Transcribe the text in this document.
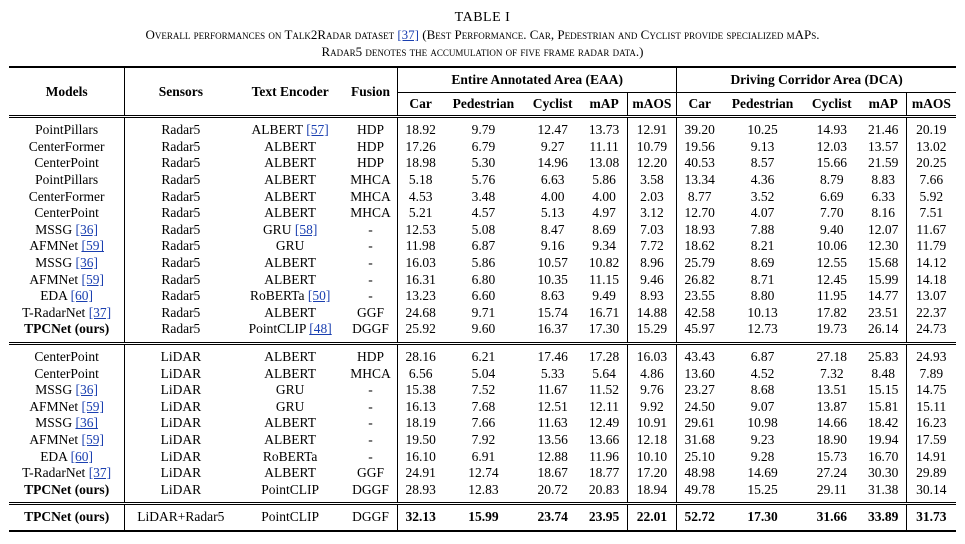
TABLE I
Overall performances on Talk2Radar dataset [37] (Best Performance. Car, Pedestrian and Cyclist provide specialized mAPs.
Radar5 denotes the accumulation of five frame radar data.)
Models	Sensors	Text Encoder	Fusion	Entire Annotated Area (EAA)					Driving Corridor Area (DCA)				
				Car	Pedestrian	Cyclist	mAP	mAOS	Car	Pedestrian	Cyclist	mAP	mAOS

PointPillars	Radar5	ALBERT [57]	HDP	18.92	9.79	12.47	13.73	12.91	39.20	10.25	14.93	21.46	20.19
CenterFormer	Radar5	ALBERT	HDP	17.26	6.79	9.27	11.11	10.79	19.56	9.13	12.03	13.57	13.02
CenterPoint	Radar5	ALBERT	HDP	18.98	5.30	14.96	13.08	12.20	40.53	8.57	15.66	21.59	20.25
PointPillars	Radar5	ALBERT	MHCA	5.18	5.76	6.63	5.86	3.58	13.34	4.36	8.79	8.83	7.66
CenterFormer	Radar5	ALBERT	MHCA	4.53	3.48	4.00	4.00	2.03	8.77	3.52	6.69	6.33	5.92
CenterPoint	Radar5	ALBERT	MHCA	5.21	4.57	5.13	4.97	3.12	12.70	4.07	7.70	8.16	7.51
MSSG [36]	Radar5	GRU [58]	-	12.53	5.08	8.47	8.69	7.03	18.93	7.88	9.40	12.07	11.67
AFMNet [59]	Radar5	GRU	-	11.98	6.87	9.16	9.34	7.72	18.62	8.21	10.06	12.30	11.79
MSSG [36]	Radar5	ALBERT	-	16.03	5.86	10.57	10.82	8.96	25.79	8.69	12.55	15.68	14.12
AFMNet [59]	Radar5	ALBERT	-	16.31	6.80	10.35	11.15	9.46	26.82	8.71	12.45	15.99	14.18
EDA [60]	Radar5	RoBERTa [50]	-	13.23	6.60	8.63	9.49	8.93	23.55	8.80	11.95	14.77	13.07
T-RadarNet [37]	Radar5	ALBERT	GGF	24.68	9.71	15.74	16.71	14.88	42.58	10.13	17.82	23.51	22.37
TPCNet (ours)	Radar5	PointCLIP [48]	DGGF	25.92	9.60	16.37	17.30	15.29	45.97	12.73	19.73	26.14	24.73

CenterPoint	LiDAR	ALBERT	HDP	28.16	6.21	17.46	17.28	16.03	43.43	6.87	27.18	25.83	24.93
CenterPoint	LiDAR	ALBERT	MHCA	6.56	5.04	5.33	5.64	4.86	13.60	4.52	7.32	8.48	7.89
MSSG [36]	LiDAR	GRU	-	15.38	7.52	11.67	11.52	9.76	23.27	8.68	13.51	15.15	14.75
AFMNet [59]	LiDAR	GRU	-	16.13	7.68	12.51	12.11	9.92	24.50	9.07	13.87	15.81	15.11
MSSG [36]	LiDAR	ALBERT	-	18.19	7.66	11.63	12.49	10.91	29.61	10.98	14.66	18.42	16.23
AFMNet [59]	LiDAR	ALBERT	-	19.50	7.92	13.56	13.66	12.18	31.68	9.23	18.90	19.94	17.59
EDA [60]	LiDAR	RoBERTa	-	16.10	6.91	12.88	11.96	10.10	25.10	9.28	15.73	16.70	14.91
T-RadarNet [37]	LiDAR	ALBERT	GGF	24.91	12.74	18.67	18.77	17.20	48.98	14.69	27.24	30.30	29.89
TPCNet (ours)	LiDAR	PointCLIP	DGGF	28.93	12.83	20.72	20.83	18.94	49.78	15.25	29.11	31.38	30.14

TPCNet (ours)	LiDAR+Radar5	PointCLIP	DGGF	32.13	15.99	23.74	23.95	22.01	52.72	17.30	31.66	33.89	31.73
